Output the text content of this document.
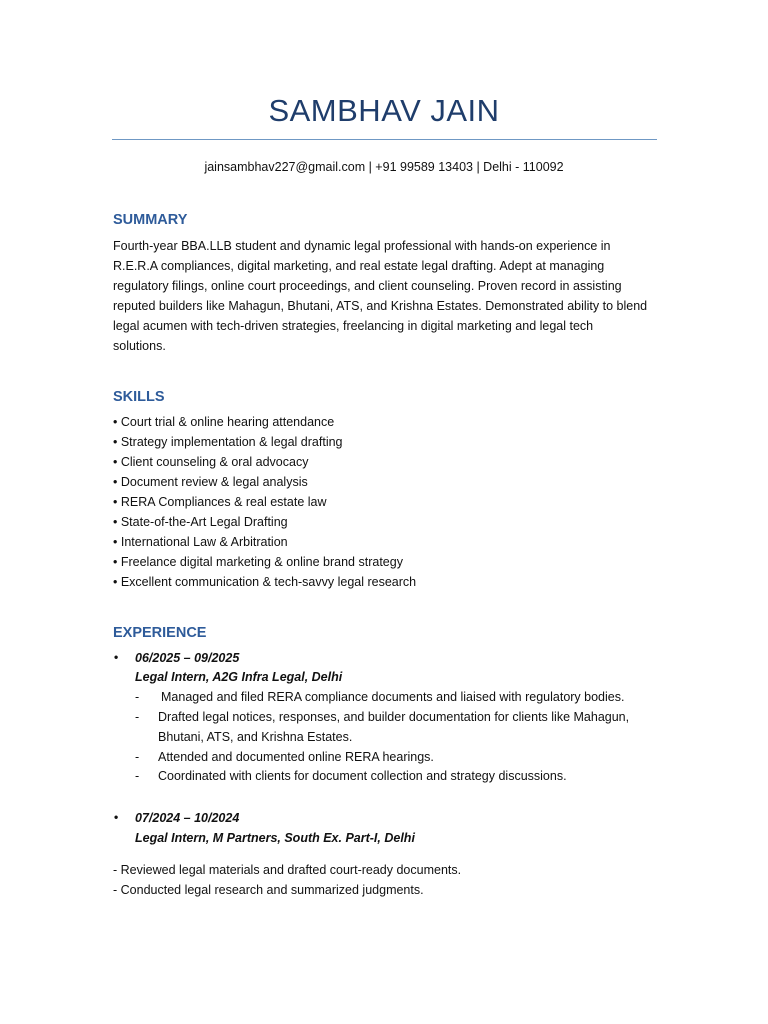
SAMBHAV JAIN
jainsambhav227@gmail.com | +91 99589 13403 | Delhi - 110092
SUMMARY
Fourth-year BBA.LLB student and dynamic legal professional with hands-on experience in
R.E.R.A compliances, digital marketing, and real estate legal drafting. Adept at managing
regulatory filings, online court proceedings, and client counseling. Proven record in assisting
reputed builders like Mahagun, Bhutani, ATS, and Krishna Estates. Demonstrated ability to blend
legal acumen with tech-driven strategies, freelancing in digital marketing and legal tech
solutions.
SKILLS
• Court trial & online hearing attendance
• Strategy implementation & legal drafting
• Client counseling & oral advocacy
• Document review & legal analysis
• RERA Compliances & real estate law
• State-of-the-Art Legal Drafting
• International Law & Arbitration
• Freelance digital marketing & online brand strategy
• Excellent communication & tech-savvy legal research
EXPERIENCE
• 06/2025 – 09/2025
Legal Intern, A2G Infra Legal, Delhi
- Managed and filed RERA compliance documents and liaised with regulatory bodies.
- Drafted legal notices, responses, and builder documentation for clients like Mahagun,
Bhutani, ATS, and Krishna Estates.
- Attended and documented online RERA hearings.
- Coordinated with clients for document collection and strategy discussions.
• 07/2024 – 10/2024
Legal Intern, M Partners, South Ex. Part-I, Delhi
- Reviewed legal materials and drafted court-ready documents.
- Conducted legal research and summarized judgments.
